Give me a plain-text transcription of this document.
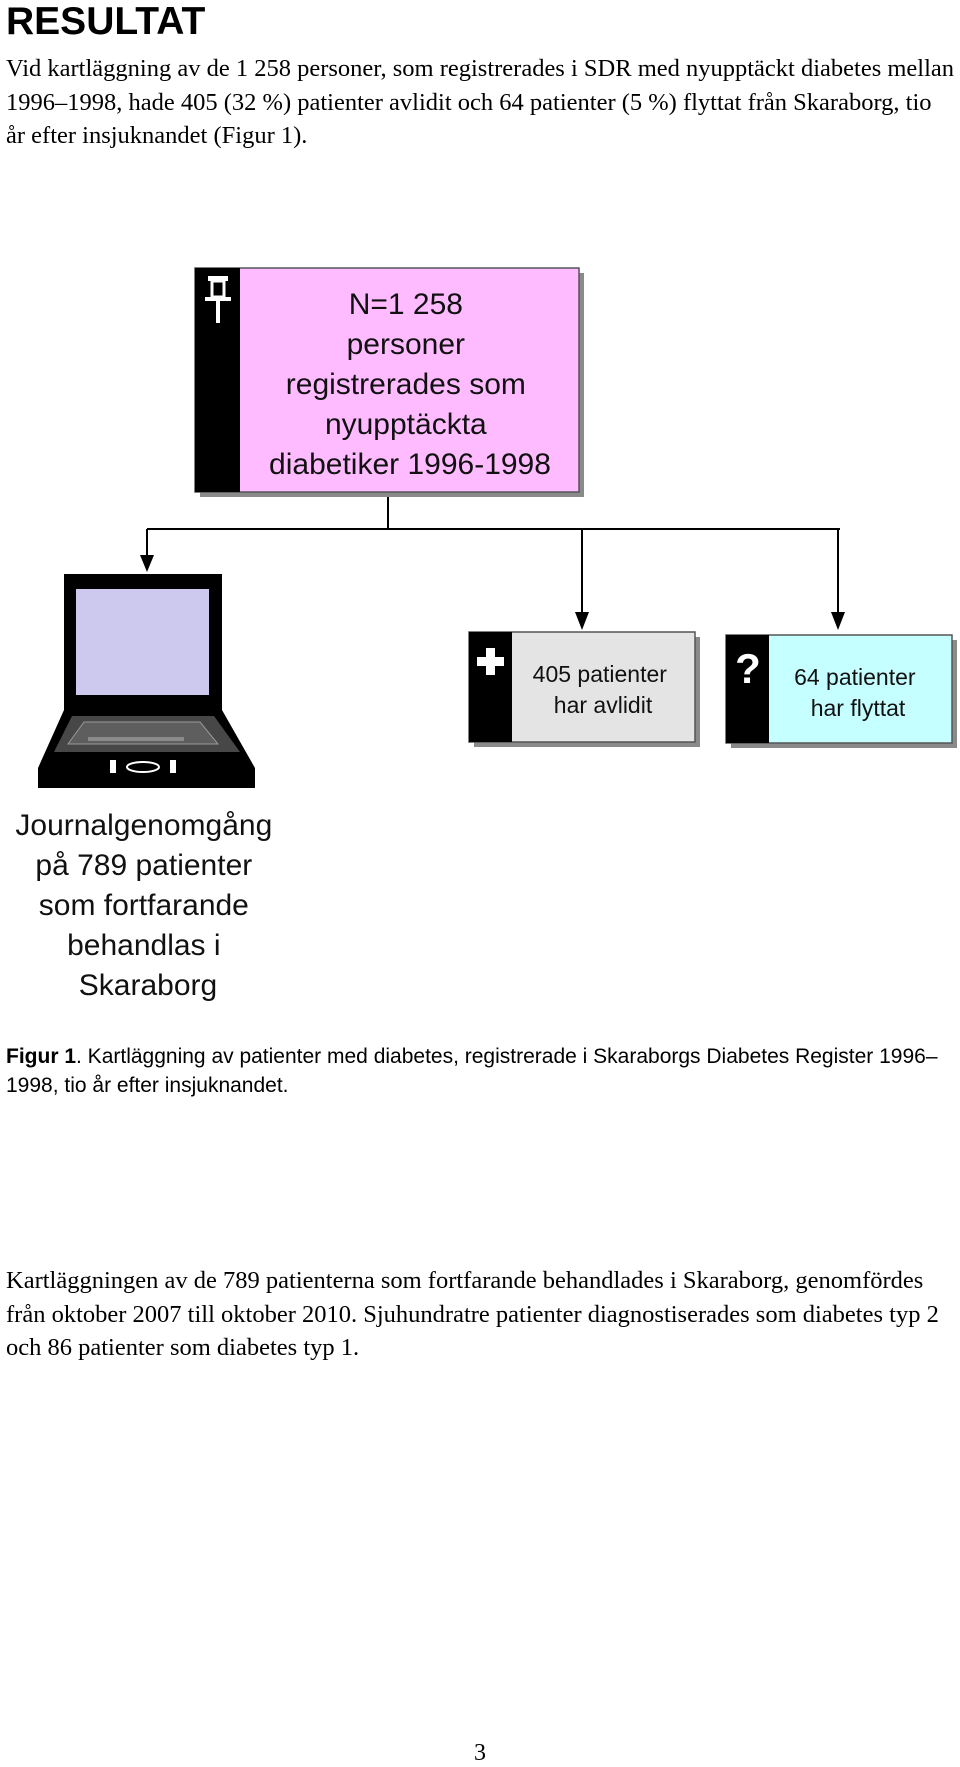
RESULTAT

Vid kartläggning av de 1 258 personer, som registrerades i SDR med nyupptäckt diabetes mellan 1996–1998, hade 405 (32 %) patienter avlidit och 64 patienter (5 %) flyttat från Skaraborg, tio år efter insjuknandet (Figur 1).

N=1 258 personer registrerades som nyupptäckta diabetiker 1996-1998
405 patienter har avlidit
? 64 patienter har flyttat
Journalgenomgång på 789 patienter som fortfarande behandlas i Skaraborg

Figur 1. Kartläggning av patienter med diabetes, registrerade i Skaraborgs Diabetes Register 1996–1998, tio år efter insjuknandet.

Kartläggningen av de 789 patienterna som fortfarande behandlades i Skaraborg, genomfördes från oktober 2007 till oktober 2010. Sjuhundratre patienter diagnostiserades som diabetes typ 2 och 86 patienter som diabetes typ 1.

3
